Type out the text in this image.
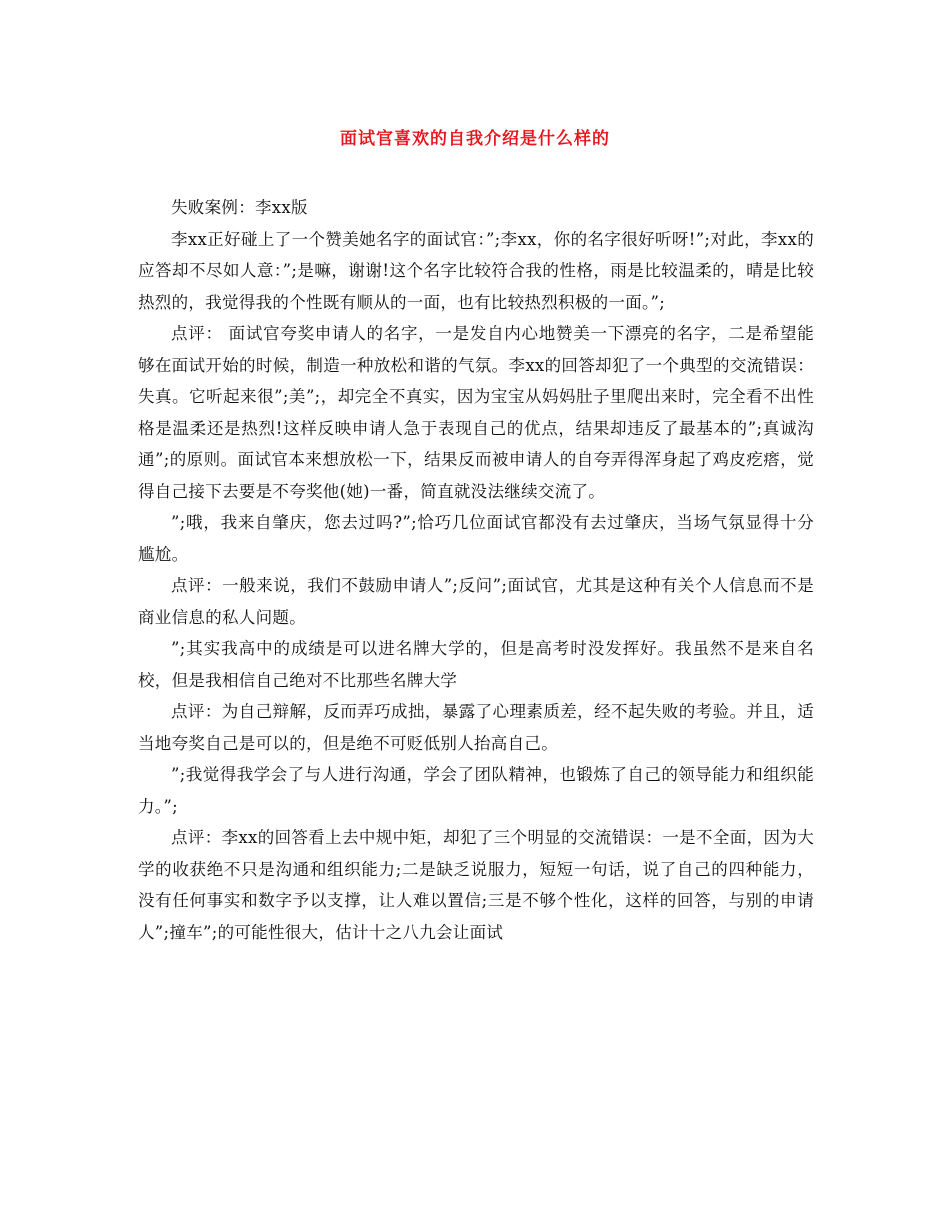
面试官喜欢的自我介绍是什么样的

失败案例：李xx版

李xx正好碰上了一个赞美她名字的面试官：”;李xx，你的名字很好听呀!”;对此，李xx的应答却不尽如人意：”;是嘛，谢谢!这个名字比较符合我的性格，雨是比较温柔的，晴是比较热烈的，我觉得我的个性既有顺从的一面，也有比较热烈积极的一面。”;

点评： 面试官夸奖申请人的名字，一是发自内心地赞美一下漂亮的名字，二是希望能够在面试开始的时候，制造一种放松和谐的气氛。李xx的回答却犯了一个典型的交流错误：失真。它听起来很”;美”;，却完全不真实，因为宝宝从妈妈肚子里爬出来时，完全看不出性格是温柔还是热烈!这样反映申请人急于表现自己的优点，结果却违反了最基本的”;真诚沟通”;的原则。面试官本来想放松一下，结果反而被申请人的自夸弄得浑身起了鸡皮疙瘩，觉得自己接下去要是不夸奖他(她)一番，简直就没法继续交流了。

”;哦，我来自肇庆，您去过吗?”;恰巧几位面试官都没有去过肇庆，当场气氛显得十分尴尬。

点评：一般来说，我们不鼓励申请人”;反问”;面试官，尤其是这种有关个人信息而不是商业信息的私人问题。

”;其实我高中的成绩是可以进名牌大学的，但是高考时没发挥好。我虽然不是来自名校，但是我相信自己绝对不比那些名牌大学

点评：为自己辩解，反而弄巧成拙，暴露了心理素质差，经不起失败的考验。并且，适当地夸奖自己是可以的，但是绝不可贬低别人抬高自己。

”;我觉得我学会了与人进行沟通，学会了团队精神，也锻炼了自己的领导能力和组织能力。”;

点评：李xx的回答看上去中规中矩，却犯了三个明显的交流错误：一是不全面，因为大学的收获绝不只是沟通和组织能力;二是缺乏说服力，短短一句话，说了自己的四种能力，没有任何事实和数字予以支撑，让人难以置信;三是不够个性化，这样的回答，与别的申请人”;撞车”;的可能性很大，估计十之八九会让面试
